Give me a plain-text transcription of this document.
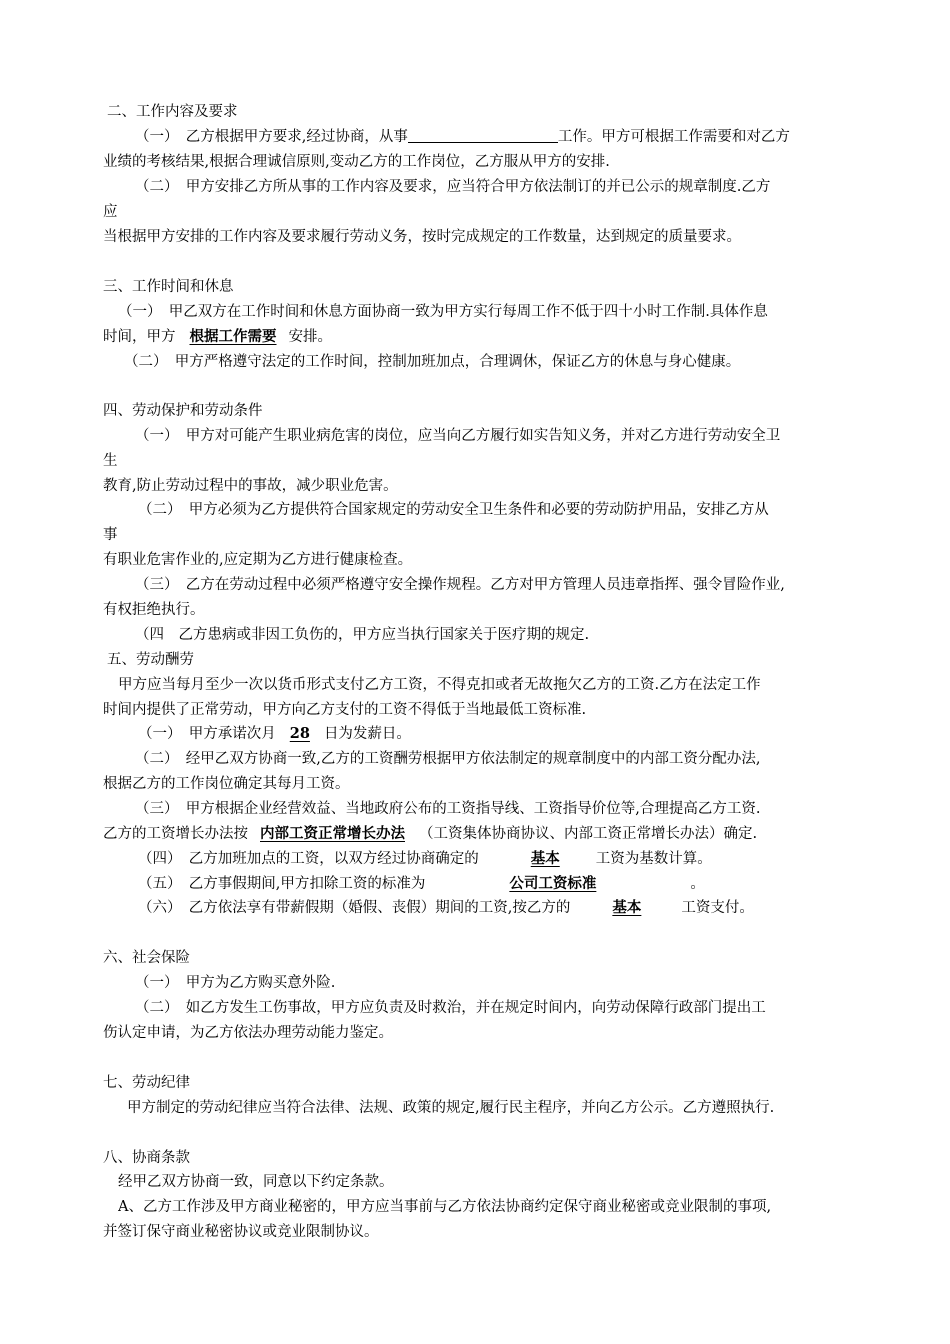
二、工作内容及要求
（一）　乙方根据甲方要求,经过协商，从事	工作。甲方可根据工作需要和对乙方
业绩的考核结果,根据合理诚信原则,变动乙方的工作岗位，乙方服从甲方的安排.
（二）　甲方安排乙方所从事的工作内容及要求，应当符合甲方依法制订的并已公示的规章制度.乙方
应
当根据甲方安排的工作内容及要求履行劳动义务，按时完成规定的工作数量，达到规定的质量要求。
三、工作时间和休息
（一）　甲乙双方在工作时间和休息方面协商一致为甲方实行每周工作不低于四十小时工作制.具体作息
时间，甲方 根据工作需要 安排。
（二）　甲方严格遵守法定的工作时间，控制加班加点，合理调休，保证乙方的休息与身心健康。
四、劳动保护和劳动条件
（一）　甲方对可能产生职业病危害的岗位，应当向乙方履行如实告知义务，并对乙方进行劳动安全卫
生
教育,防止劳动过程中的事故，减少职业危害。
（二）　甲方必须为乙方提供符合国家规定的劳动安全卫生条件和必要的劳动防护用品，安排乙方从
事
有职业危害作业的,应定期为乙方进行健康检查。
（三）　乙方在劳动过程中必须严格遵守安全操作规程。乙方对甲方管理人员违章指挥、强令冒险作业,
有权拒绝执行。
（四　乙方患病或非因工负伤的，甲方应当执行国家关于医疗期的规定.
五、劳动酬劳
甲方应当每月至少一次以货币形式支付乙方工资，不得克扣或者无故拖欠乙方的工资.乙方在法定工作
时间内提供了正常劳动，甲方向乙方支付的工资不得低于当地最低工资标准.
（一）　甲方承诺次月 28 日为发薪日。
（二）　经甲乙双方协商一致,乙方的工资酬劳根据甲方依法制定的规章制度中的内部工资分配办法,
根据乙方的工作岗位确定其每月工资。
（三）　甲方根据企业经营效益、当地政府公布的工资指导线、工资指导价位等,合理提高乙方工资.
乙方的工资增长办法按 内部工资正常增长办法 （工资集体协商协议、内部工资正常增长办法）确定.
（四）　乙方加班加点的工资，以双方经过协商确定的	基本 工资为基数计算。
（五）　乙方事假期间,甲方扣除工资的标准为	公司工资标准	。
（六）　乙方依法享有带薪假期（婚假、丧假）期间的工资,按乙方的	基本	工资支付。
六、社会保险
（一）　甲方为乙方购买意外险.
（二）　如乙方发生工伤事故，甲方应负责及时救治，并在规定时间内，向劳动保障行政部门提出工
伤认定申请，为乙方依法办理劳动能力鉴定。
七、劳动纪律
甲方制定的劳动纪律应当符合法律、法规、政策的规定,履行民主程序，并向乙方公示。乙方遵照执行.
八、协商条款
经甲乙双方协商一致，同意以下约定条款。
A、乙方工作涉及甲方商业秘密的，甲方应当事前与乙方依法协商约定保守商业秘密或竞业限制的事项,
并签订保守商业秘密协议或竞业限制协议。
